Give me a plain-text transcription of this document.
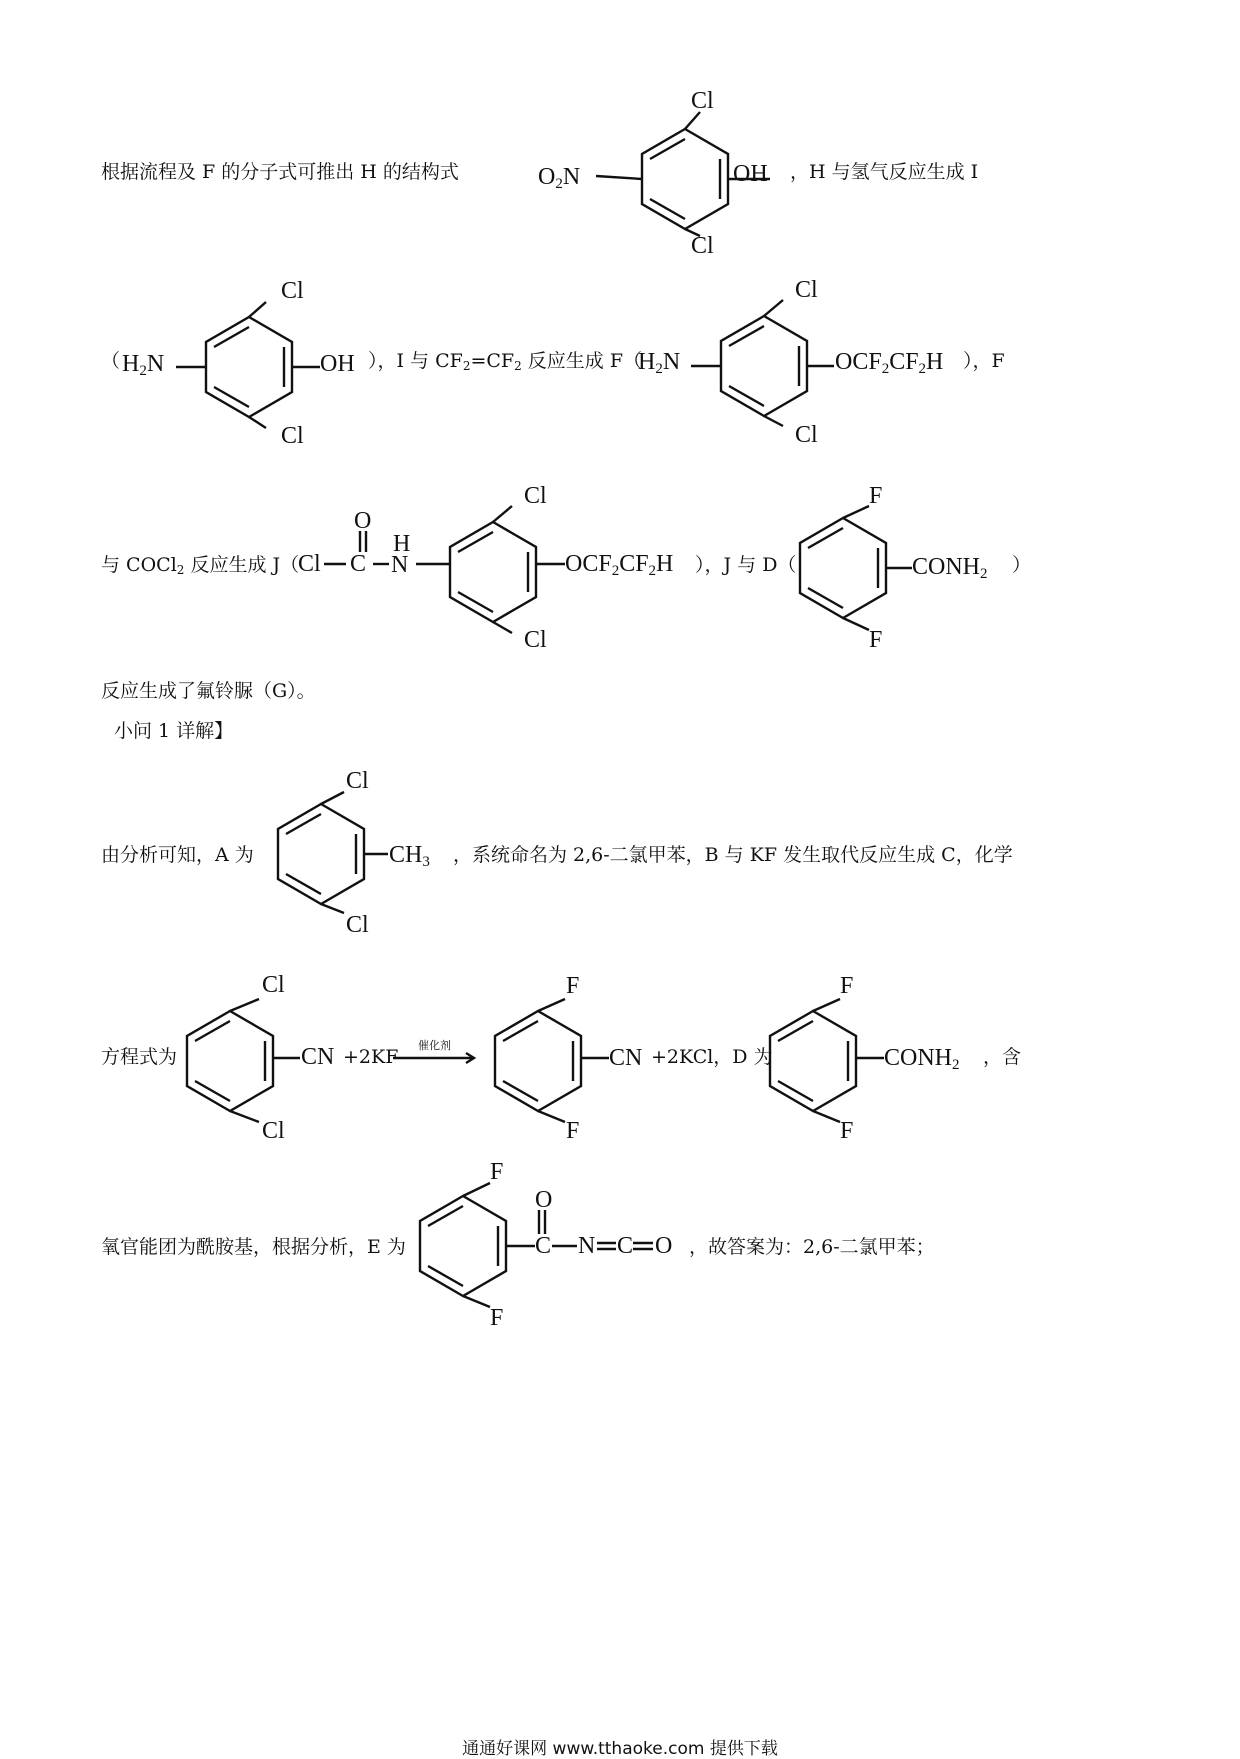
根据流程及 F 的分子式可推出 H 的结构式	O2N	OH
Cl
Cl
，H 与氢气反应生成 I
（ H2N	OH
Cl
Cl
），I 与 CF2=CF2 反应生成 F（
H2N	OCF2CF2H
Cl
Cl
），F
与 COCl2 反应生成 J（
Cl C
O
H
N	OCF2CF2H
Cl
Cl
），J 与 D（	CONH2
F
F
）
反应生成了氟铃脲（G）。
小问 1 详解】
由分析可知，A 为	CH3
Cl
Cl
，系统命名为 2,6-二氯甲苯，B 与 KF 发生取代反应生成 C，化学
方程式为	CN
Cl
Cl
+2KF
催化剂	CN
F
F
+2KCl，D 为	CONH2
F
F
，含
氧官能团为酰胺基，根据分析，E 为	C
O
N C O
F
F
，故答案为：2,6-二氯甲苯；
通通好课网 www.tthaoke.com 提供下载
